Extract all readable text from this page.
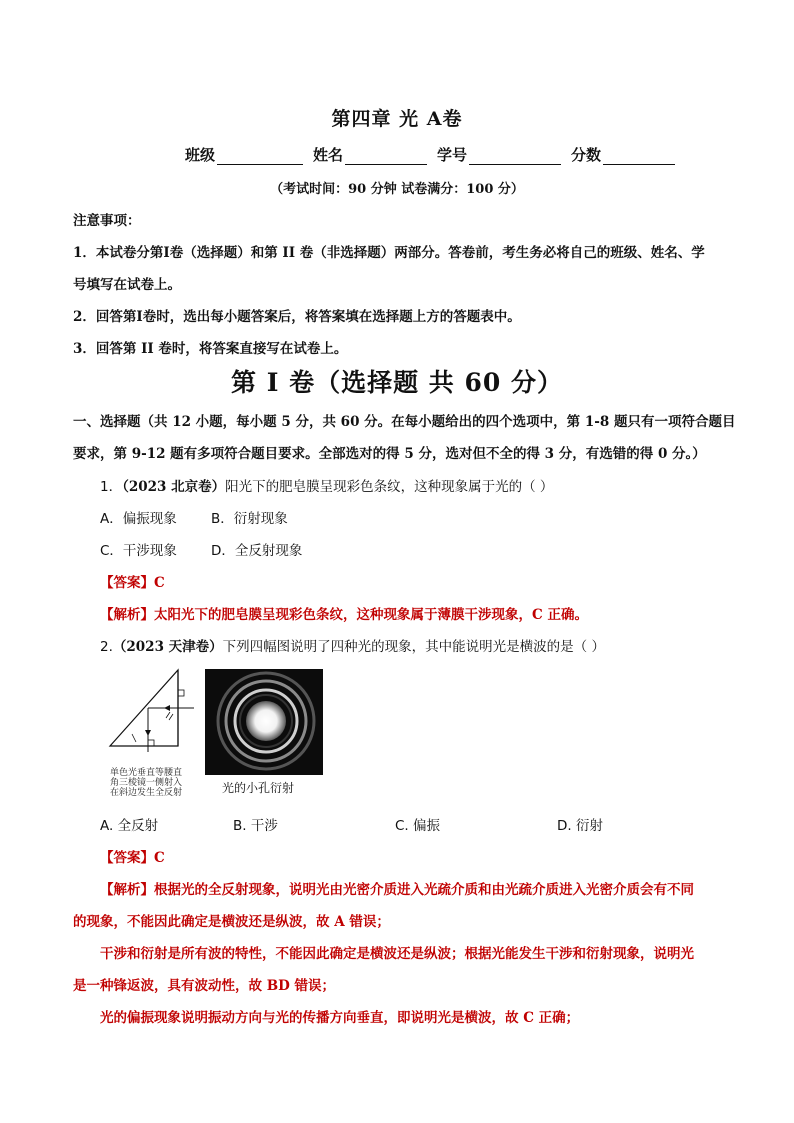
第四章 光 A卷
班级	姓名	学号	分数
（考试时间：90 分钟 试卷满分：100 分）
注意事项：
1．本试卷分第Ⅰ卷（选择题）和第 II 卷（非选择题）两部分。答卷前，考生务必将自己的班级、姓名、学
号填写在试卷上。
2．回答第Ⅰ卷时，选出每小题答案后，将答案填在选择题上方的答题表中。
3．回答第 II 卷时，将答案直接写在试卷上。
第 I 卷（选择题 共 60 分）
一、选择题（共 12 小题，每小题 5 分，共 60 分。在每小题给出的四个选项中，第 1-8 题只有一项符合题目
要求，第 9-12 题有多项符合题目要求。全部选对的得 5 分，选对但不全的得 3 分，有选错的得 0 分。）
1．（2023 北京卷）阳光下的肥皂膜呈现彩色条纹，这种现象属于光的（ ）
A．偏振现象	B．衍射现象
C．干涉现象	D．全反射现象
【答案】C
【解析】太阳光下的肥皂膜呈现彩色条纹，这种现象属于薄膜干涉现象，C 正确。
2.（2023 天津卷）下列四幅图说明了四种光的现象，其中能说明光是横波的是（ ）
单色光垂直等腰直
角三棱镜一侧射入
在斜边发生全反射	光的小孔衍射
A. 全反射	B. 干涉	C. 偏振	D. 衍射
【答案】C
【解析】根据光的全反射现象，说明光由光密介质进入光疏介质和由光疏介质进入光密介质会有不同
的现象，不能因此确定是横波还是纵波，故 A 错误；
干涉和衍射是所有波的特性，不能因此确定是横波还是纵波；根据光能发生干涉和衍射现象，说明光
是一种锋返波，具有波动性，故 BD 错误；
光的偏振现象说明振动方向与光的传播方向垂直，即说明光是横波，故 C 正确；
